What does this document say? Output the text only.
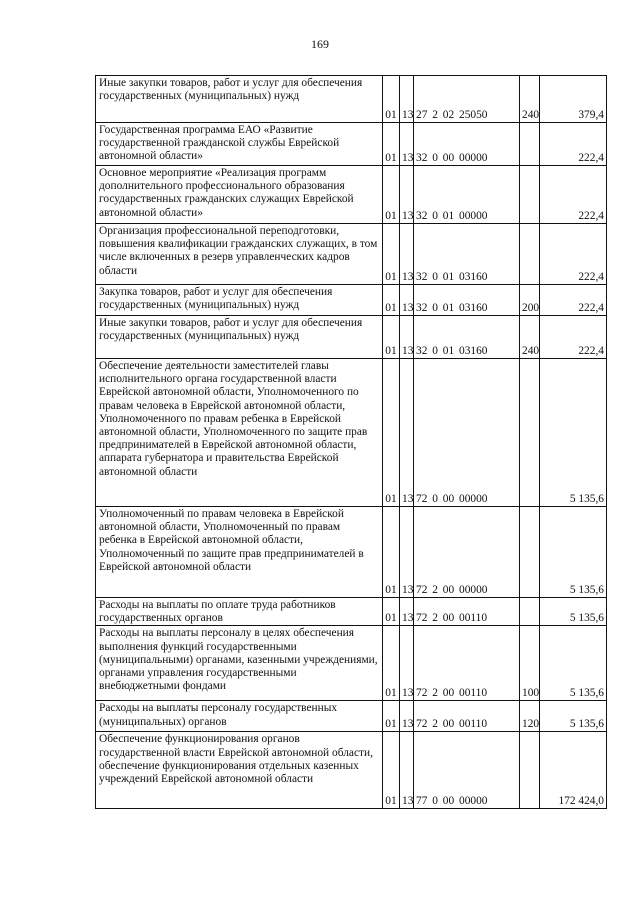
169
Иные закупки товаров, работ и услуг для обеспечения государственных (муниципальных) нужд	01	13	27 2 02 25050	240	379,4
Государственная программа ЕАО «Развитие государственной гражданской службы Еврейской автономной области»	01	13	32 0 00 00000		222,4
Основное мероприятие «Реализация программ дополнительного профессионального образования государственных гражданских служащих Еврейской автономной области»	01	13	32 0 01 00000		222,4
Организация профессиональной переподготовки, повышения квалификации гражданских служащих, в том числе включенных в резерв управленческих кадров области	01	13	32 0 01 03160		222,4
Закупка товаров, работ и услуг для обеспечения государственных (муниципальных) нужд	01	13	32 0 01 03160	200	222,4
Иные закупки товаров, работ и услуг для обеспечения государственных (муниципальных) нужд	01	13	32 0 01 03160	240	222,4
Обеспечение деятельности заместителей главы исполнительного органа государственной власти Еврейской автономной области, Уполномоченного по правам человека в Еврейской автономной области, Уполномоченного по правам ребенка в Еврейской автономной области, Уполномоченного по защите прав предпринимателей в Еврейской автономной области, аппарата губернатора и правительства Еврейской автономной области	01	13	72 0 00 00000		5 135,6
Уполномоченный по правам человека в Еврейской автономной области, Уполномоченный по правам ребенка в Еврейской автономной области, Уполномоченный по защите прав предпринимателей в Еврейской автономной области	01	13	72 2 00 00000		5 135,6
Расходы на выплаты по оплате труда работников государственных органов	01	13	72 2 00 00110		5 135,6
Расходы на выплаты персоналу в целях обеспечения выполнения функций государственными (муниципальными) органами, казенными учреждениями, органами управления государственными внебюджетными фондами	01	13	72 2 00 00110	100	5 135,6
Расходы на выплаты персоналу государственных (муниципальных) органов	01	13	72 2 00 00110	120	5 135,6
Обеспечение функционирования органов государственной власти Еврейской автономной области, обеспечение функционирования отдельных казенных учреждений Еврейской автономной области	01	13	77 0 00 00000		172 424,0
